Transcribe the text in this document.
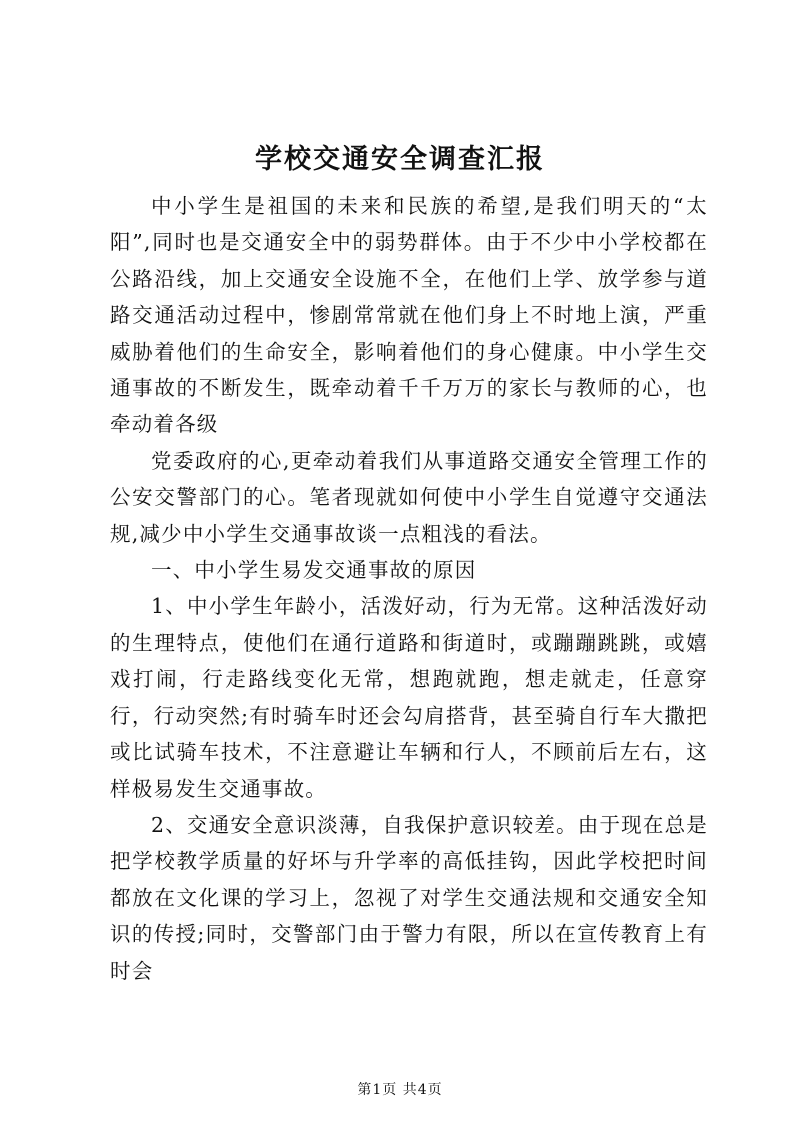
学校交通安全调查汇报

中小学生是祖国的未来和民族的希望,是我们明天的“太阳”,同时也是交通安全中的弱势群体。由于不少中小学校都在公路沿线，加上交通安全设施不全，在他们上学、放学参与道路交通活动过程中，惨剧常常就在他们身上不时地上演，严重威胁着他们的生命安全，影响着他们的身心健康。中小学生交通事故的不断发生，既牵动着千千万万的家长与教师的心，也牵动着各级

党委政府的心,更牵动着我们从事道路交通安全管理工作的公安交警部门的心。笔者现就如何使中小学生自觉遵守交通法规,减少中小学生交通事故谈一点粗浅的看法。

一、中小学生易发交通事故的原因

1、中小学生年龄小，活泼好动，行为无常。这种活泼好动的生理特点，使他们在通行道路和街道时，或蹦蹦跳跳，或嬉戏打闹，行走路线变化无常，想跑就跑，想走就走，任意穿行，行动突然;有时骑车时还会勾肩搭背，甚至骑自行车大撒把或比试骑车技术，不注意避让车辆和行人，不顾前后左右，这样极易发生交通事故。

2、交通安全意识淡薄，自我保护意识较差。由于现在总是把学校教学质量的好坏与升学率的高低挂钩，因此学校把时间都放在文化课的学习上，忽视了对学生交通法规和交通安全知识的传授;同时，交警部门由于警力有限，所以在宣传教育上有时会

第1页 共4页
